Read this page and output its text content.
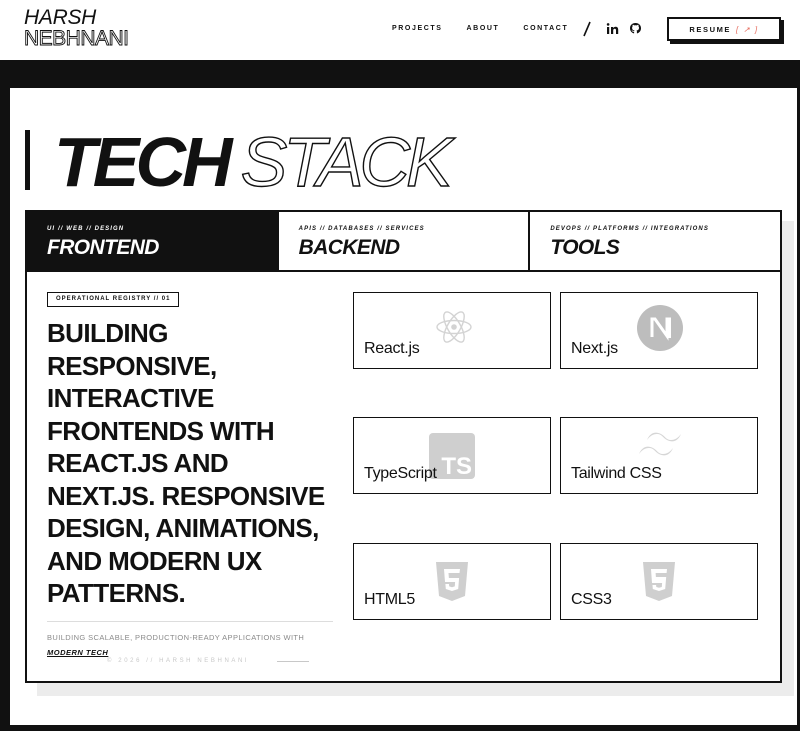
HARSH
NEBHNANI	PROJECTS	ABOUT	CONTACT	RESUME [ ↗ ]
TECH STACK
UI // WEB // DESIGN
FRONTEND
APIS // DATABASES // SERVICES
BACKEND
DEVOPS // PLATFORMS // INTEGRATIONS
TOOLS
OPERATIONAL REGISTRY // 01

BUILDING RESPONSIVE, INTERACTIVE FRONTENDS WITH REACT.JS AND NEXT.JS. RESPONSIVE DESIGN, ANIMATIONS, AND MODERN UX PATTERNS.

BUILDING SCALABLE, PRODUCTION-READY APPLICATIONS WITH
MODERN TECH
© 2026 // HARSH NEBHNANI
React.js	Next.js
TS
TypeScript	Tailwind CSS
HTML5	CSS3
